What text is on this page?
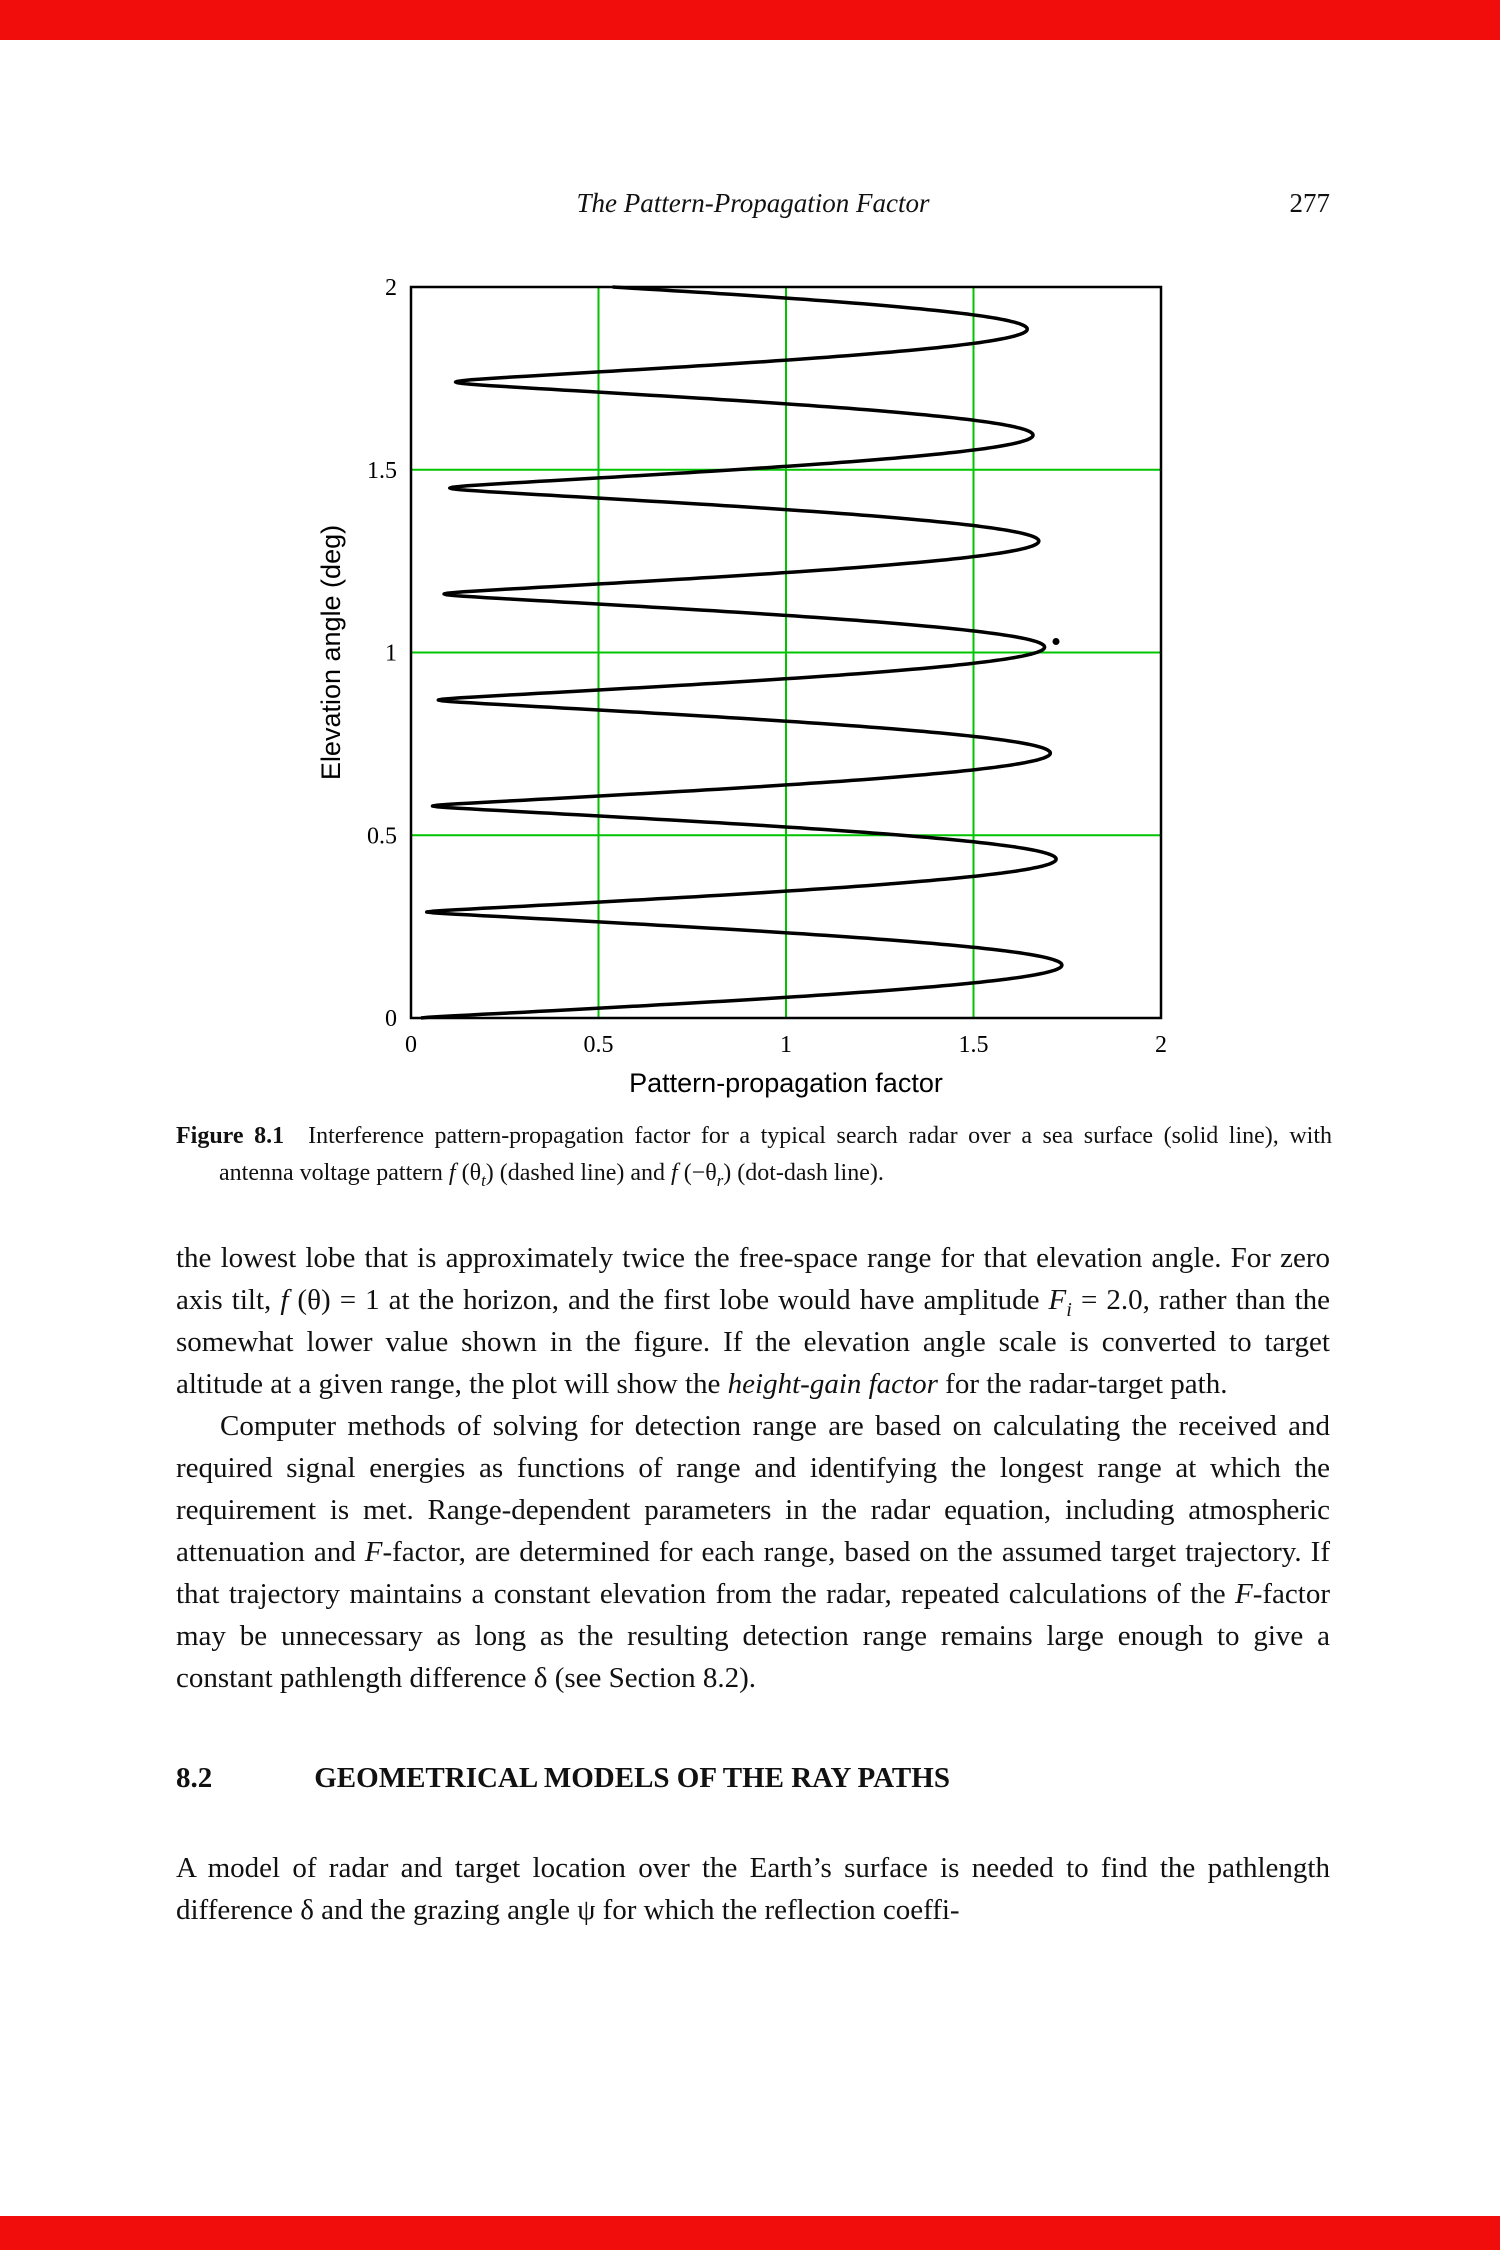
The Pattern-Propagation Factor	277
0	0.5	1	1.5	2
0
0.5
1
1.5
2
Pattern-propagation factor
Elevation angle (deg)
Figure 8.1 Interference pattern-propagation factor for a typical search radar over a sea surface (solid line), with antenna voltage pattern f $(\theta_t)$ (dashed line) and f $(-\theta_r)$ (dot-dash line).

the lowest lobe that is approximately twice the free-space range for that elevation angle. For zero axis tilt, f (θ) = 1 at the horizon, and the first lobe would have amplitude $F_i = 2.0$, rather than the somewhat lower value shown in the figure. If the elevation angle scale is converted to target altitude at a given range, the plot will show the height-gain factor for the radar-target path.

Computer methods of solving for detection range are based on calculating the received and required signal energies as functions of range and identifying the longest range at which the requirement is met. Range-dependent parameters in the radar equation, including atmospheric attenuation and F-factor, are determined for each range, based on the assumed target trajectory. If that trajectory maintains a constant elevation from the radar, repeated calculations of the F-factor may be unnecessary as long as the resulting detection range remains large enough to give a constant pathlength difference δ (see Section 8.2).

8.2	GEOMETRICAL MODELS OF THE RAY PATHS

A model of radar and target location over the Earth’s surface is needed to find the pathlength difference δ and the grazing angle ψ for which the reflection coeffi-
